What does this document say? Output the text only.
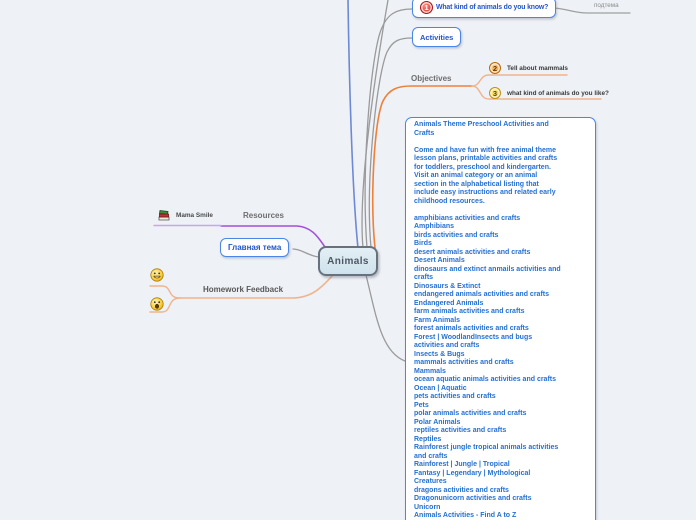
1	What kind of animals do you know?	подтема
Activities
Objectives
2	Tell about mammals
3	what kind of animals do you like?
Animals Theme Preschool Activities and
Crafts
Come and have fun with free animal theme
lesson plans, printable activities and crafts
for toddlers, preschool and kindergarten.
Visit an animal category or an animal
section in the alphabetical listing that
include easy instructions and related early
childhood resources.
amphibians activities and crafts
Amphibians
birds activities and crafts
Birds
desert animals activities and crafts
Desert Animals
dinosaurs and extinct anmails activities and
crafts
Dinosaurs & Extinct
endangered animals activities and crafts
Endangered Animals
farm animals activities and crafts
Farm Animals
forest animals activities and crafts
Forest | WoodlandInsects and bugs
activities and crafts
Insects & Bugs
mammals activities and crafts
Mammals
ocean aquatic animals activities and crafts
Ocean | Aquatic
pets activities and crafts
Pets
polar animals activities and crafts
Polar Animals
reptiles activities and crafts
Reptiles
Rainforest jungle tropical animals activities
and crafts
Rainforest | Jungle | Tropical
Fantasy | Legendary | Mythological
Creatures
dragons activities and crafts
Dragonunicorn activities and crafts
Unicorn
Animals Activities - Find A to Z
Mama Smile	Resources
Главная тема
Animals
Homework Feedback
